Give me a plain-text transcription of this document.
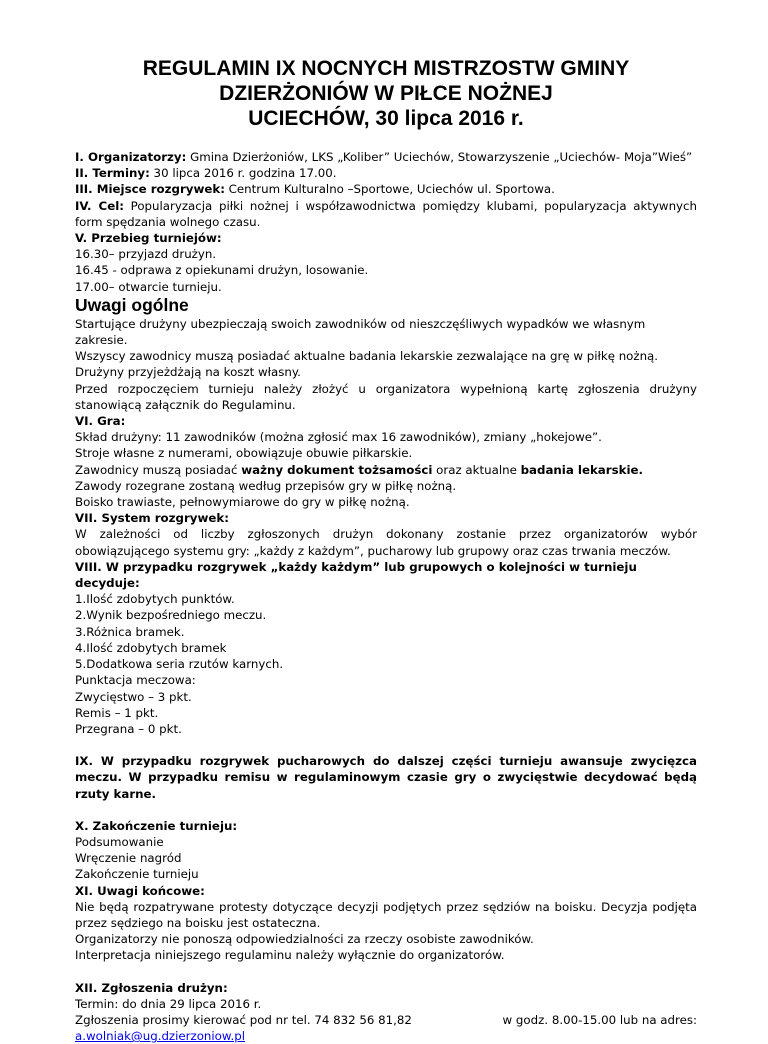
REGULAMIN IX NOCNYCH MISTRZOSTW GMINY
DZIERŻONIÓW W PIŁCE NOŻNEJ
UCIECHÓW, 30 lipca 2016 r.

I. Organizatorzy: Gmina Dzierżoniów, LKS „Koliber” Uciechów, Stowarzyszenie „Uciechów- Moja”Wieś”

II. Terminy: 30 lipca 2016 r. godzina 17.00.

III. Miejsce rozgrywek: Centrum Kulturalno –Sportowe, Uciechów ul. Sportowa.

IV. Cel: Popularyzacja piłki nożnej i współzawodnictwa pomiędzy klubami, popularyzacja aktywnych form spędzania wolnego czasu.

V. Przebieg turniejów:

16.30– przyjazd drużyn.

16.45 - odprawa z opiekunami drużyn, losowanie.

17.00– otwarcie turnieju.

Uwagi ogólne

Startujące drużyny ubezpieczają swoich zawodników od nieszczęśliwych wypadków we własnym zakresie.

Wszyscy zawodnicy muszą posiadać aktualne badania lekarskie zezwalające na grę w piłkę nożną.

Drużyny przyjeżdżają na koszt własny.

Przed rozpoczęciem turnieju należy złożyć u organizatora wypełnioną kartę zgłoszenia drużyny stanowiącą załącznik do Regulaminu.

VI. Gra:

Skład drużyny: 11 zawodników (można zgłosić max 16 zawodników), zmiany „hokejowe”.

Stroje własne z numerami, obowiązuje obuwie piłkarskie.

Zawodnicy muszą posiadać ważny dokument tożsamości oraz aktualne badania lekarskie.

Zawody rozegrane zostaną według przepisów gry w piłkę nożną.

Boisko trawiaste, pełnowymiarowe do gry w piłkę nożną.

VII. System rozgrywek:

W zależności od liczby zgłoszonych drużyn dokonany zostanie przez organizatorów wybór obowiązującego systemu gry: „każdy z każdym”, pucharowy lub grupowy oraz czas trwania meczów.

VIII. W przypadku rozgrywek „każdy każdym” lub grupowych o kolejności w turnieju decyduje:

1.Ilość zdobytych punktów.

2.Wynik bezpośredniego meczu.

3.Różnica bramek.

4.Ilość zdobytych bramek

5.Dodatkowa seria rzutów karnych.

Punktacja meczowa:

Zwycięstwo – 3 pkt.

Remis – 1 pkt.

Przegrana – 0 pkt.

IX. W przypadku rozgrywek pucharowych do dalszej części turnieju awansuje zwycięzca meczu. W przypadku remisu w regulaminowym czasie gry o zwycięstwie decydować będą rzuty karne.

X. Zakończenie turnieju:

Podsumowanie

Wręczenie nagród

Zakończenie turnieju

XI. Uwagi końcowe:

Nie będą rozpatrywane protesty dotyczące decyzji podjętych przez sędziów na boisku. Decyzja podjęta przez sędziego na boisku jest ostateczna.

Organizatorzy nie ponoszą odpowiedzialności za rzeczy osobiste zawodników.

Interpretacja niniejszego regulaminu należy wyłącznie do organizatorów.

XII. Zgłoszenia drużyn:

Termin: do dnia 29 lipca 2016 r.

Zgłoszenia prosimy kierować pod nr tel. 74 832 56 81,82	w godz. 8.00-15.00 lub na adres:

a.wolniak@ug.dzierzoniow.pl
